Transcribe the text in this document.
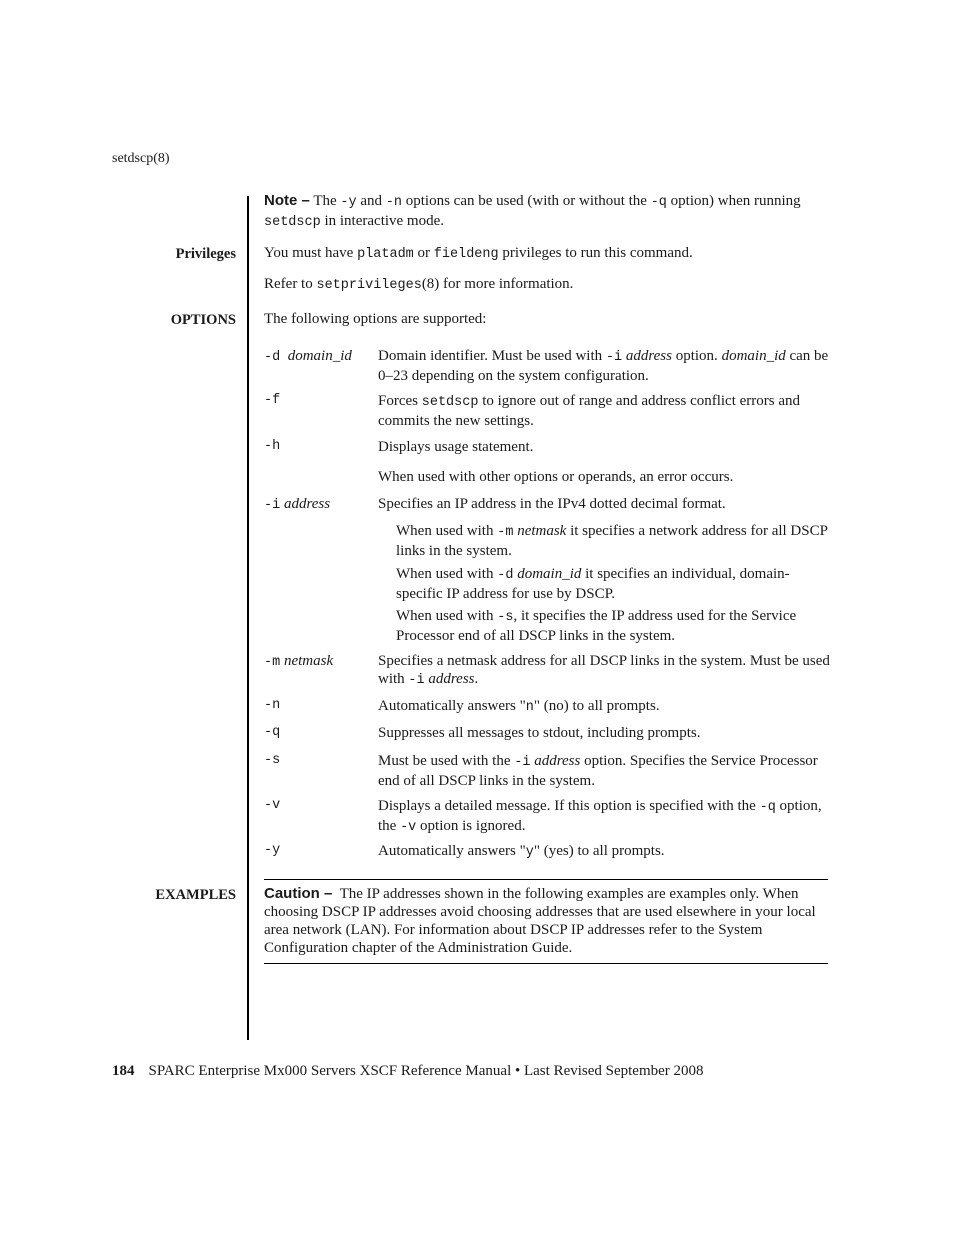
setdscp(8)
Note – The -y and -n options can be used (with or without the -q option) when running setdscp in interactive mode.
Privileges You must have platadm or fieldeng privileges to run this command.
Refer to setprivileges(8) for more information.
OPTIONS The following options are supported:
-d domain_id	Domain identifier. Must be used with -i address option. domain_id can be 0–23 depending on the system configuration.
-f	Forces setdscp to ignore out of range and address conflict errors and commits the new settings.
-h	Displays usage statement.
When used with other options or operands, an error occurs.
-i address	Specifies an IP address in the IPv4 dotted decimal format.
When used with -m netmask it specifies a network address for all DSCP links in the system.
When used with -d domain_id it specifies an individual, domain-specific IP address for use by DSCP.
When used with -s, it specifies the IP address used for the Service Processor end of all DSCP links in the system.
-m netmask	Specifies a netmask address for all DSCP links in the system. Must be used with -i address.
-n	Automatically answers "n" (no) to all prompts.
-q	Suppresses all messages to stdout, including prompts.
-s	Must be used with the -i address option. Specifies the Service Processor end of all DSCP links in the system.
-v	Displays a detailed message. If this option is specified with the -q option, the -v option is ignored.
-y	Automatically answers "y" (yes) to all prompts.
EXAMPLES Caution –  The IP addresses shown in the following examples are examples only. When choosing DSCP IP addresses avoid choosing addresses that are used elsewhere in your local area network (LAN). For information about DSCP IP addresses refer to the System Configuration chapter of the Administration Guide.
184 SPARC Enterprise Mx000 Servers XSCF Reference Manual • Last Revised September 2008
